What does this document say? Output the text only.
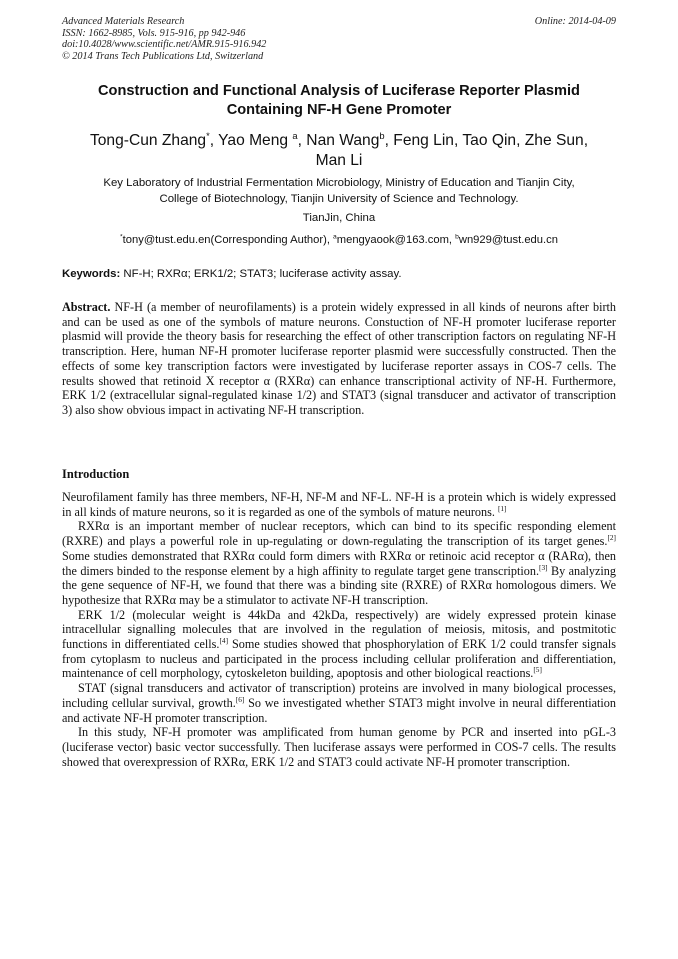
Advanced Materials Research
ISSN: 1662-8985, Vols. 915-916, pp 942-946
doi:10.4028/www.scientific.net/AMR.915-916.942
© 2014 Trans Tech Publications Ltd, Switzerland
Online: 2014-04-09
Construction and Functional Analysis of Luciferase Reporter Plasmid
Containing NF-H Gene Promoter
Tong-Cun Zhang*, Yao Meng $^a$, Nan Wang$^b$, Feng Lin, Tao Qin, Zhe Sun,
Man Li
Key Laboratory of Industrial Fermentation Microbiology, Ministry of Education and Tianjin City,
College of Biotechnology, Tianjin University of Science and Technology.
TianJin, China
*tony@tust.edu.en(Corresponding Author), $^a$mengyaook@163.com, $^b$wn929@tust.edu.cn
Keywords: NF-H; RXRα; ERK1/2; STAT3; luciferase activity assay.
Abstract. NF-H (a member of neurofilaments) is a protein widely expressed in all kinds of neurons after birth and can be used as one of the symbols of mature neurons. Constuction of NF-H promoter luciferase reporter plasmid will provide the theory basis for researching the effect of other transcription factors on regulating NF-H transcription. Here, human NF-H promoter luciferase reporter plasmid were successfully constructed. Then the effects of some key transcription factors were investigated by luciferase reporter assays in COS-7 cells. The results showed that retinoid X receptor α (RXRα) can enhance transcriptional activity of NF-H. Furthermore, ERK 1/2 (extracellular signal-regulated kinase 1/2) and STAT3 (signal transducer and activator of transcription 3) also show obvious impact in activating NF-H transcription.
Introduction

Neurofilament family has three members, NF-H, NF-M and NF-L. NF-H is a protein which is widely expressed in all kinds of mature neurons, so it is regarded as one of the symbols of mature neurons. [1]

RXRα is an important member of nuclear receptors, which can bind to its specific responding element (RXRE) and plays a powerful role in up-regulating or down-regulating the transcription of its target genes.[2] Some studies demonstrated that RXRα could form dimers with RXRα or retinoic acid receptor α (RARα), then the dimers binded to the response element by a high affinity to regulate target gene transcription.[3] By analyzing the gene sequence of NF-H, we found that there was a binding site (RXRE) of RXRα homologous dimers. We hypothesize that RXRα may be a stimulator to activate NF-H transcription.

ERK 1/2 (molecular weight is 44kDa and 42kDa, respectively) are widely expressed protein kinase intracellular signalling molecules that are involved in the regulation of meiosis, mitosis, and postmitotic functions in differentiated cells.[4] Some studies showed that phosphorylation of ERK 1/2 could transfer signals from cytoplasm to nucleus and participated in the process including cellular proliferation and differentiation, maintenance of cell morphology, cytoskeleton building, apoptosis and other biological reactions.[5]

STAT (signal transducers and activator of transcription) proteins are involved in many biological processes, including cellular survival, growth.[6] So we investigated whether STAT3 might involve in neural differentiation and activate NF-H promoter transcription.

In this study, NF-H promoter was amplificated from human genome by PCR and inserted into pGL-3 (luciferase vector) basic vector successfully. Then luciferase assays were performed in COS-7 cells. The results showed that overexpression of RXRα, ERK 1/2 and STAT3 could activate NF-H promoter transcription.
